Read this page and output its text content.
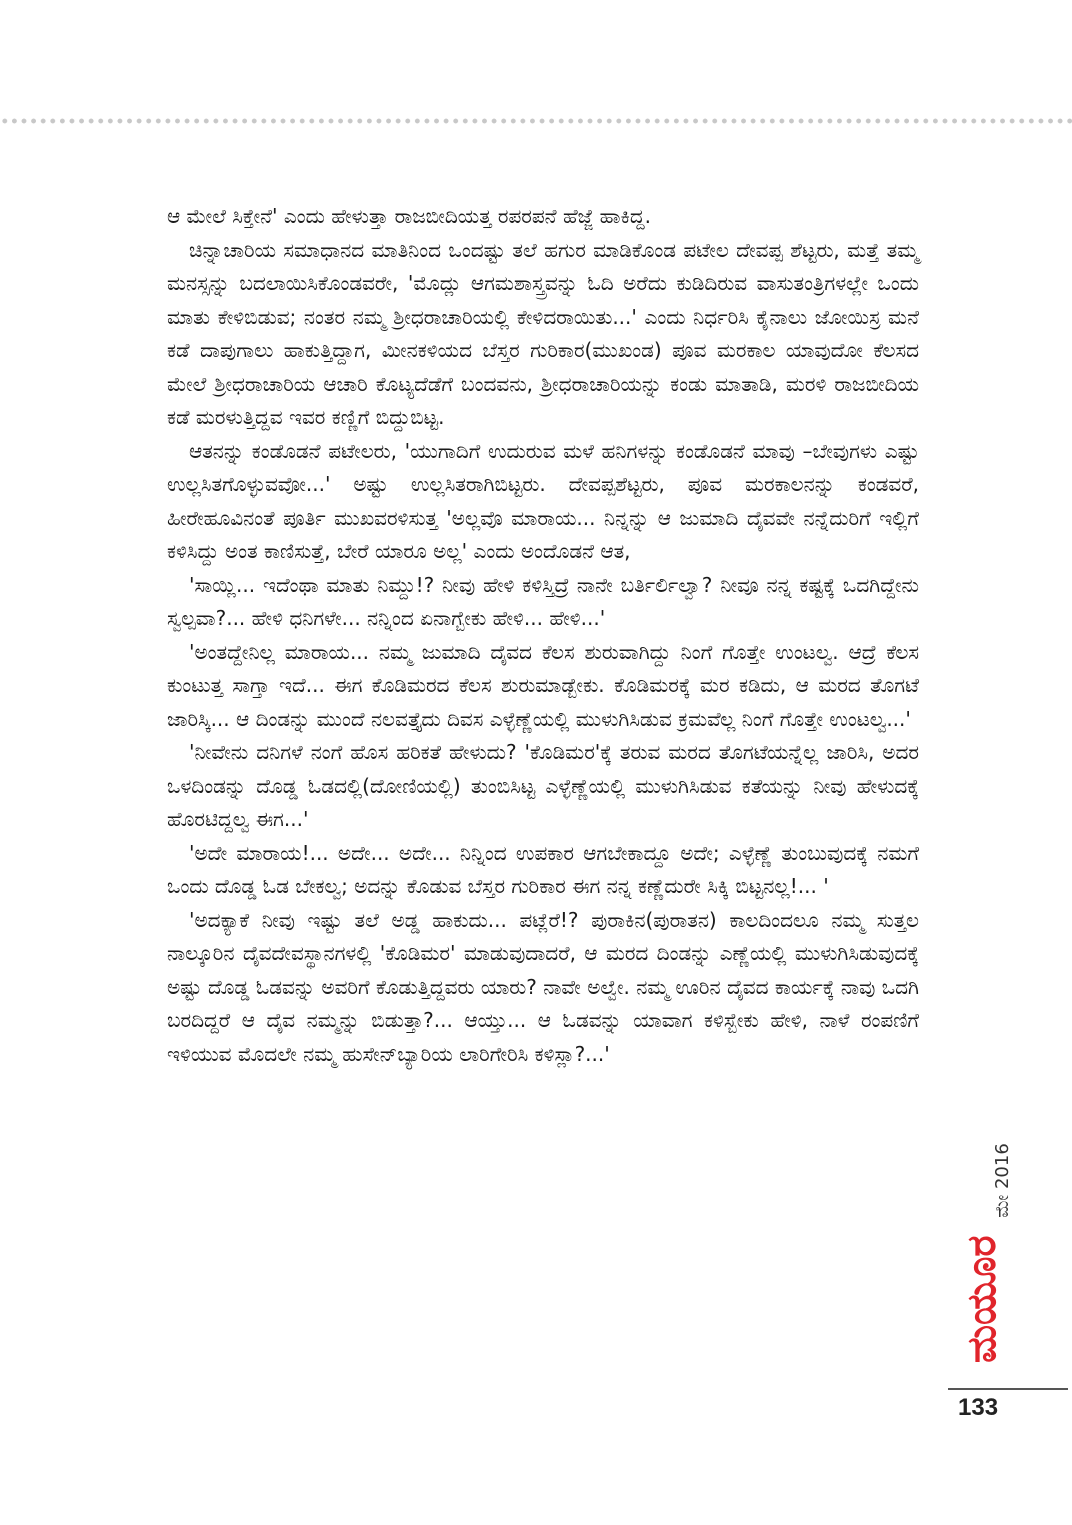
ಆ ಮೇಲೆ ಸಿಕ್ತೇನೆ' ಎಂದು ಹೇಳುತ್ತಾ ರಾಜಬೀದಿಯತ್ತ ರಪರಪನೆ ಹೆಜ್ಜೆ ಹಾಕಿದ್ದ.

ಚಿನ್ನಾಚಾರಿಯ ಸಮಾಧಾನದ ಮಾತಿನಿಂದ ಒಂದಷ್ಟು ತಲೆ ಹಗುರ ಮಾಡಿಕೊಂಡ ಪಟೇಲ ದೇವಪ್ಪ ಶೆಟ್ಟರು, ಮತ್ತೆ ತಮ್ಮ ಮನಸ್ಸನ್ನು ಬದಲಾಯಿಸಿಕೊಂಡವರೇ, 'ಮೊದ್ಲು ಆಗಮಶಾಸ್ತ್ರವನ್ನು ಓದಿ ಅರೆದು ಕುಡಿದಿರುವ ವಾಸುತಂತ್ರಿಗಳಲ್ಲೇ ಒಂದು ಮಾತು ಕೇಳಿಬಿಡುವ; ನಂತರ ನಮ್ಮ ಶ್ರೀಧರಾಚಾರಿಯಲ್ಲಿ ಕೇಳಿದರಾಯಿತು...' ಎಂದು ನಿರ್ಧರಿಸಿ ಕೈನಾಲು ಜೋಯಿಸ್ರ ಮನೆ ಕಡೆ ದಾಪುಗಾಲು ಹಾಕುತ್ತಿದ್ದಾಗ, ಮೀನಕಳಿಯದ ಬೆಸ್ತರ ಗುರಿಕಾರ(ಮುಖಂಡ) ಪೂವ ಮರಕಾಲ ಯಾವುದೋ ಕೆಲಸದ ಮೇಲೆ ಶ್ರೀಧರಾಚಾರಿಯ ಆಚಾರಿ ಕೊಟ್ಯದೆಡೆಗೆ ಬಂದವನು, ಶ್ರೀಧರಾಚಾರಿಯನ್ನು ಕಂಡು ಮಾತಾಡಿ, ಮರಳಿ ರಾಜಬೀದಿಯ ಕಡೆ ಮರಳುತ್ತಿದ್ದವ ಇವರ ಕಣ್ಣಿಗೆ ಬಿದ್ದುಬಿಟ್ಟ.

ಆತನನ್ನು ಕಂಡೊಡನೆ ಪಟೇಲರು, 'ಯುಗಾದಿಗೆ ಉದುರುವ ಮಳೆ ಹನಿಗಳನ್ನು ಕಂಡೊಡನೆ ಮಾವು –ಬೇವುಗಳು ಎಷ್ಟು ಉಲ್ಲಸಿತಗೊಳ್ಳುವವೋ...' ಅಷ್ಟು ಉಲ್ಲಸಿತರಾಗಿಬಿಟ್ಟರು. ದೇವಪ್ಪಶೆಟ್ಟರು, ಪೂವ ಮರಕಾಲನನ್ನು ಕಂಡವರೆ, ಹೀರೇಹೂವಿನಂತೆ ಪೂರ್ತಿ ಮುಖವರಳಿಸುತ್ತ 'ಅಲ್ಲವೊ ಮಾರಾಯ... ನಿನ್ನನ್ನು ಆ ಜುಮಾದಿ ದೈವವೇ ನನ್ನೆದುರಿಗೆ ಇಲ್ಲಿಗೆ ಕಳಿಸಿದ್ದು ಅಂತ ಕಾಣಿಸುತ್ತೆ, ಬೇರೆ ಯಾರೂ ಅಲ್ಲ' ಎಂದು ಅಂದೊಡನೆ ಆತ,

'ಸಾಯ್ಲಿ... ಇದೆಂಥಾ ಮಾತು ನಿಮ್ದು!? ನೀವು ಹೇಳಿ ಕಳಿಸ್ತಿದ್ರೆ ನಾನೇ ಬರ್ತಿರ್ಲಿಲ್ವಾ? ನೀವೂ ನನ್ನ ಕಷ್ಟಕ್ಕೆ ಒದಗಿದ್ದೇನು ಸ್ವಲ್ಪವಾ?... ಹೇಳಿ ಧನಿಗಳೇ... ನನ್ನಿಂದ ಏನಾಗ್ಬೇಕು ಹೇಳಿ... ಹೇಳಿ...'

'ಅಂತದ್ದೇನಿಲ್ಲ ಮಾರಾಯ... ನಮ್ಮ ಜುಮಾದಿ ದೈವದ ಕೆಲಸ ಶುರುವಾಗಿದ್ದು ನಿಂಗೆ ಗೊತ್ತೇ ಉಂಟಲ್ವ. ಆದ್ರೆ ಕೆಲಸ ಕುಂಟುತ್ತ ಸಾಗ್ತಾ ಇದೆ... ಈಗ ಕೊಡಿಮರದ ಕೆಲಸ ಶುರುಮಾಡ್ಬೇಕು. ಕೊಡಿಮರಕ್ಕೆ ಮರ ಕಡಿದು, ಆ ಮರದ ತೊಗಟೆ ಜಾರಿಸ್ಕಿ... ಆ ದಿಂಡನ್ನು ಮುಂದೆ ನಲವತ್ತೈದು ದಿವಸ ಎಳ್ಳೆಣ್ಣೆಯಲ್ಲಿ ಮುಳುಗಿಸಿಡುವ ಕ್ರಮವೆಲ್ಲ ನಿಂಗೆ ಗೊತ್ತೇ ಉಂಟಲ್ವ...'

'ನೀವೇನು ದನಿಗಳೆ ನಂಗೆ ಹೊಸ ಹರಿಕತೆ ಹೇಳುದು? 'ಕೊಡಿಮರ'ಕ್ಕೆ ತರುವ ಮರದ ತೊಗಟೆಯನ್ನೆಲ್ಲ ಜಾರಿಸಿ, ಅದರ ಒಳದಿಂಡನ್ನು ದೊಡ್ಡ ಓಡದಲ್ಲಿ(ದೋಣಿಯಲ್ಲಿ) ತುಂಬಿಸಿಟ್ಟ ಎಳ್ಳೆಣ್ಣೆಯಲ್ಲಿ ಮುಳುಗಿಸಿಡುವ ಕತೆಯನ್ನು ನೀವು ಹೇಳುದಕ್ಕೆ ಹೊರಟಿದ್ದಲ್ವ ಈಗ...'

'ಅದೇ ಮಾರಾಯ!... ಅದೇ... ಅದೇ... ನಿನ್ನಿಂದ ಉಪಕಾರ ಆಗಬೇಕಾದ್ದೂ ಅದೇ; ಎಳ್ಳೆಣ್ಣೆ ತುಂಬುವುದಕ್ಕೆ ನಮಗೆ ಒಂದು ದೊಡ್ಡ ಓಡ ಬೇಕಲ್ವ; ಅದನ್ನು ಕೊಡುವ ಬೆಸ್ತರ ಗುರಿಕಾರ ಈಗ ನನ್ನ ಕಣ್ಣೆದುರೇ ಸಿಕ್ಕಿ ಬಿಟ್ಟನಲ್ಲ!... '

'ಅದಕ್ಯಾಕೆ ನೀವು ಇಷ್ಟು ತಲೆ ಅಡ್ಡ ಹಾಕುದು... ಪಟ್ಲೆರೆ!? ಪುರಾಕಿನ(ಪುರಾತನ) ಕಾಲದಿಂದಲೂ ನಮ್ಮ ಸುತ್ತಲ ನಾಲ್ಕೂರಿನ ದೈವದೇವಸ್ಥಾನಗಳಲ್ಲಿ 'ಕೊಡಿಮರ' ಮಾಡುವುದಾದರೆ, ಆ ಮರದ ದಿಂಡನ್ನು ಎಣ್ಣೆಯಲ್ಲಿ ಮುಳುಗಿಸಿಡುವುದಕ್ಕೆ ಅಷ್ಟು ದೊಡ್ಡ ಓಡವನ್ನು ಅವರಿಗೆ ಕೊಡುತ್ತಿದ್ದವರು ಯಾರು? ನಾವೇ ಅಲ್ವೇ. ನಮ್ಮ ಊರಿನ ದೈವದ ಕಾರ್ಯಕ್ಕೆ ನಾವು ಒದಗಿ ಬರದಿದ್ದರೆ ಆ ದೈವ ನಮ್ಮನ್ನು ಬಿಡುತ್ತಾ?... ಆಯ್ತು... ಆ ಓಡವನ್ನು ಯಾವಾಗ ಕಳಿಸ್ಬೇಕು ಹೇಳಿ, ನಾಳೆ ರಂಪಣಿಗೆ ಇಳಿಯುವ ಮೊದಲೇ ನಮ್ಮ ಹುಸೇನ್‌ಬ್ಯಾರಿಯ ಲಾರಿಗೇರಿಸಿ ಕಳಿಸ್ಲಾ?...'

ಮೇ 2016
ಮಯೂರ
133
